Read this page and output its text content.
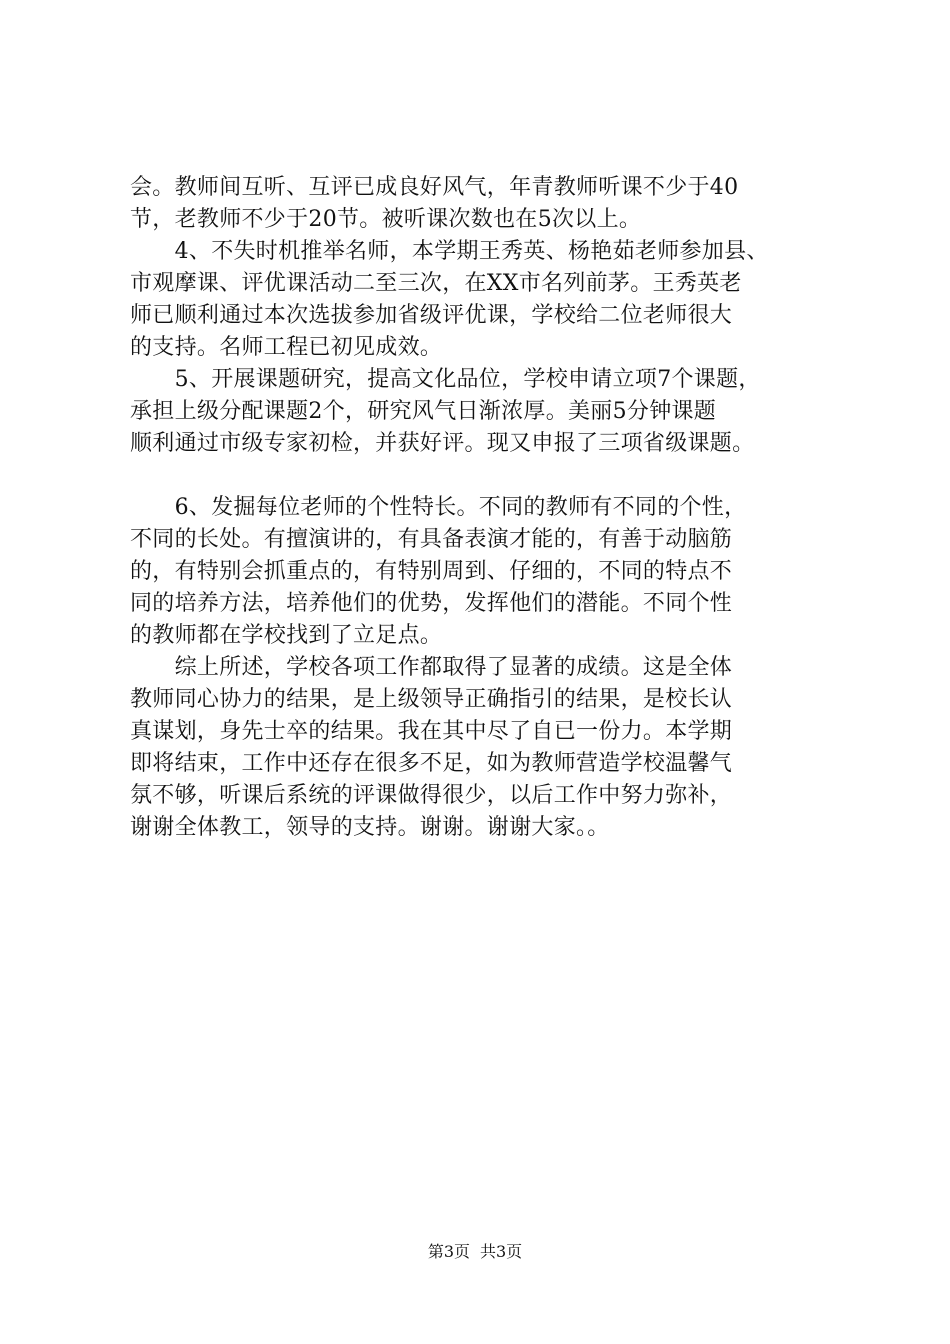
会。教师间互听、互评已成良好风气，年青教师听课不少于40
节，老教师不少于20节。被听课次数也在5次以上。
　　4、不失时机推举名师，本学期王秀英、杨艳茹老师参加县、
市观摩课、评优课活动二至三次，在XX市名列前茅。王秀英老
师已顺利通过本次选拔参加省级评优课，学校给二位老师很大
的支持。名师工程已初见成效。
　　5、开展课题研究，提高文化品位，学校申请立项7个课题，
承担上级分配课题2个，研究风气日渐浓厚。美丽5分钟课题
顺利通过市级专家初检，并获好评。现又申报了三项省级课题。
　　6、发掘每位老师的个性特长。不同的教师有不同的个性，
不同的长处。有擅演讲的，有具备表演才能的，有善于动脑筋
的，有特别会抓重点的，有特别周到、仔细的，不同的特点不
同的培养方法，培养他们的优势，发挥他们的潜能。不同个性
的教师都在学校找到了立足点。
　　综上所述，学校各项工作都取得了显著的成绩。这是全体
教师同心协力的结果，是上级领导正确指引的结果，是校长认
真谋划，身先士卒的结果。我在其中尽了自已一份力。本学期
即将结束，工作中还存在很多不足，如为教师营造学校温馨气
氛不够，听课后系统的评课做得很少，以后工作中努力弥补，
谢谢全体教工，领导的支持。谢谢。谢谢大家。。
第3页 共3页
